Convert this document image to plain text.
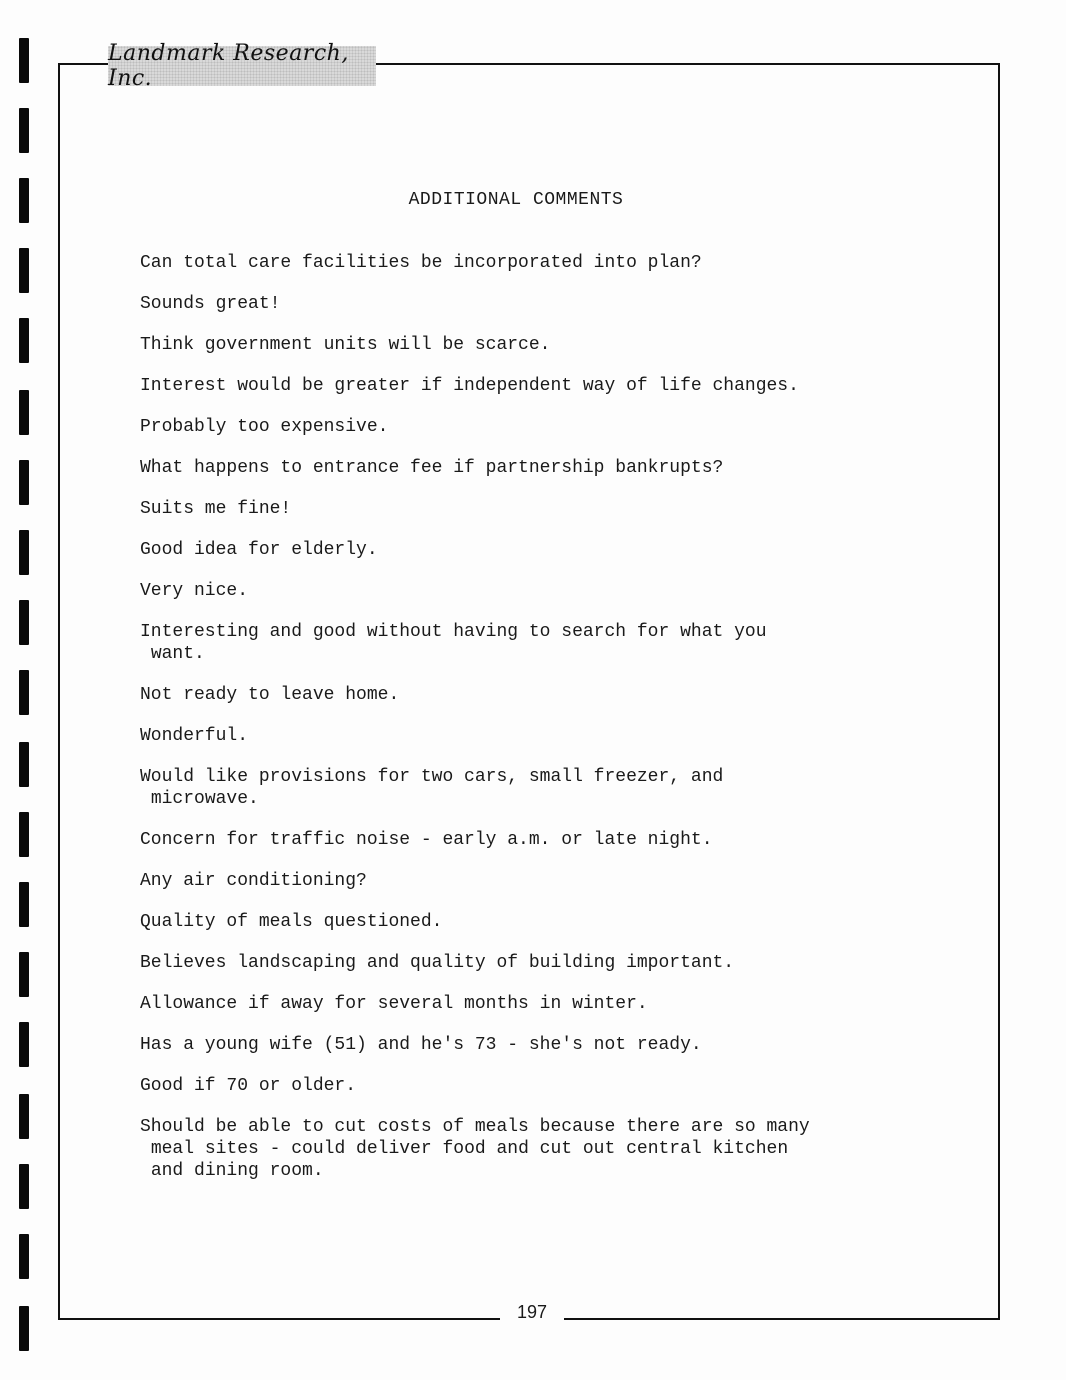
Landmark Research, Inc.
ADDITIONAL COMMENTS
Can total care facilities be incorporated into plan?
Sounds great!
Think government units will be scarce.
Interest would be greater if independent way of life changes.
Probably too expensive.
What happens to entrance fee if partnership bankrupts?
Suits me fine!
Good idea for elderly.
Very nice.
Interesting and good without having to search for what you
want.
Not ready to leave home.
Wonderful.
Would like provisions for two cars, small freezer, and
microwave.
Concern for traffic noise - early a.m. or late night.
Any air conditioning?
Quality of meals questioned.
Believes landscaping and quality of building important.
Allowance if away for several months in winter.
Has a young wife (51) and he's 73 - she's not ready.
Good if 70 or older.
Should be able to cut costs of meals because there are so many
meal sites - could deliver food and cut out central kitchen
and dining room.
197
